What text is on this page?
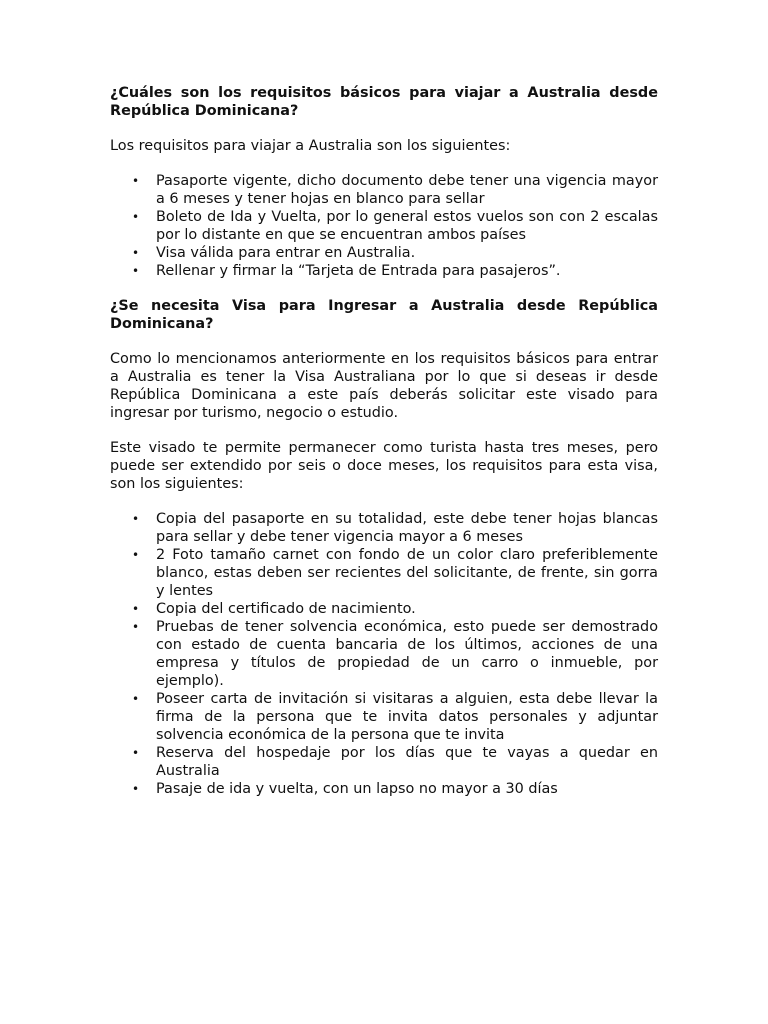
¿Cuáles son los requisitos básicos para viajar a Australia desde República Dominicana?
Los requisitos para viajar a Australia son los siguientes:
• Pasaporte vigente, dicho documento debe tener una vigencia mayor a 6 meses y tener hojas en blanco para sellar
• Boleto de Ida y Vuelta, por lo general estos vuelos son con 2 escalas por lo distante en que se encuentran ambos países
• Visa válida para entrar en Australia.
• Rellenar y firmar la “Tarjeta de Entrada para pasajeros”.
¿Se necesita Visa para Ingresar a Australia desde República Dominicana?
Como lo mencionamos anteriormente en los requisitos básicos para entrar a Australia es tener la Visa Australiana por lo que si deseas ir desde República Dominicana a este país deberás solicitar este visado para ingresar por turismo, negocio o estudio.
Este visado te permite permanecer como turista hasta tres meses, pero puede ser extendido por seis o doce meses, los requisitos para esta visa, son los siguientes:
• Copia del pasaporte en su totalidad, este debe tener hojas blancas para sellar y debe tener vigencia mayor a 6 meses
• 2 Foto tamaño carnet con fondo de un color claro preferiblemente blanco, estas deben ser recientes del solicitante, de frente, sin gorra y lentes
• Copia del certificado de nacimiento.
• Pruebas de tener solvencia económica, esto puede ser demostrado con estado de cuenta bancaria de los últimos, acciones de una empresa y títulos de propiedad de un carro o inmueble, por ejemplo).
• Poseer carta de invitación si visitaras a alguien, esta debe llevar la firma de la persona que te invita datos personales y adjuntar solvencia económica de la persona que te invita
• Reserva del hospedaje por los días que te vayas a quedar en Australia
• Pasaje de ida y vuelta, con un lapso no mayor a 30 días
